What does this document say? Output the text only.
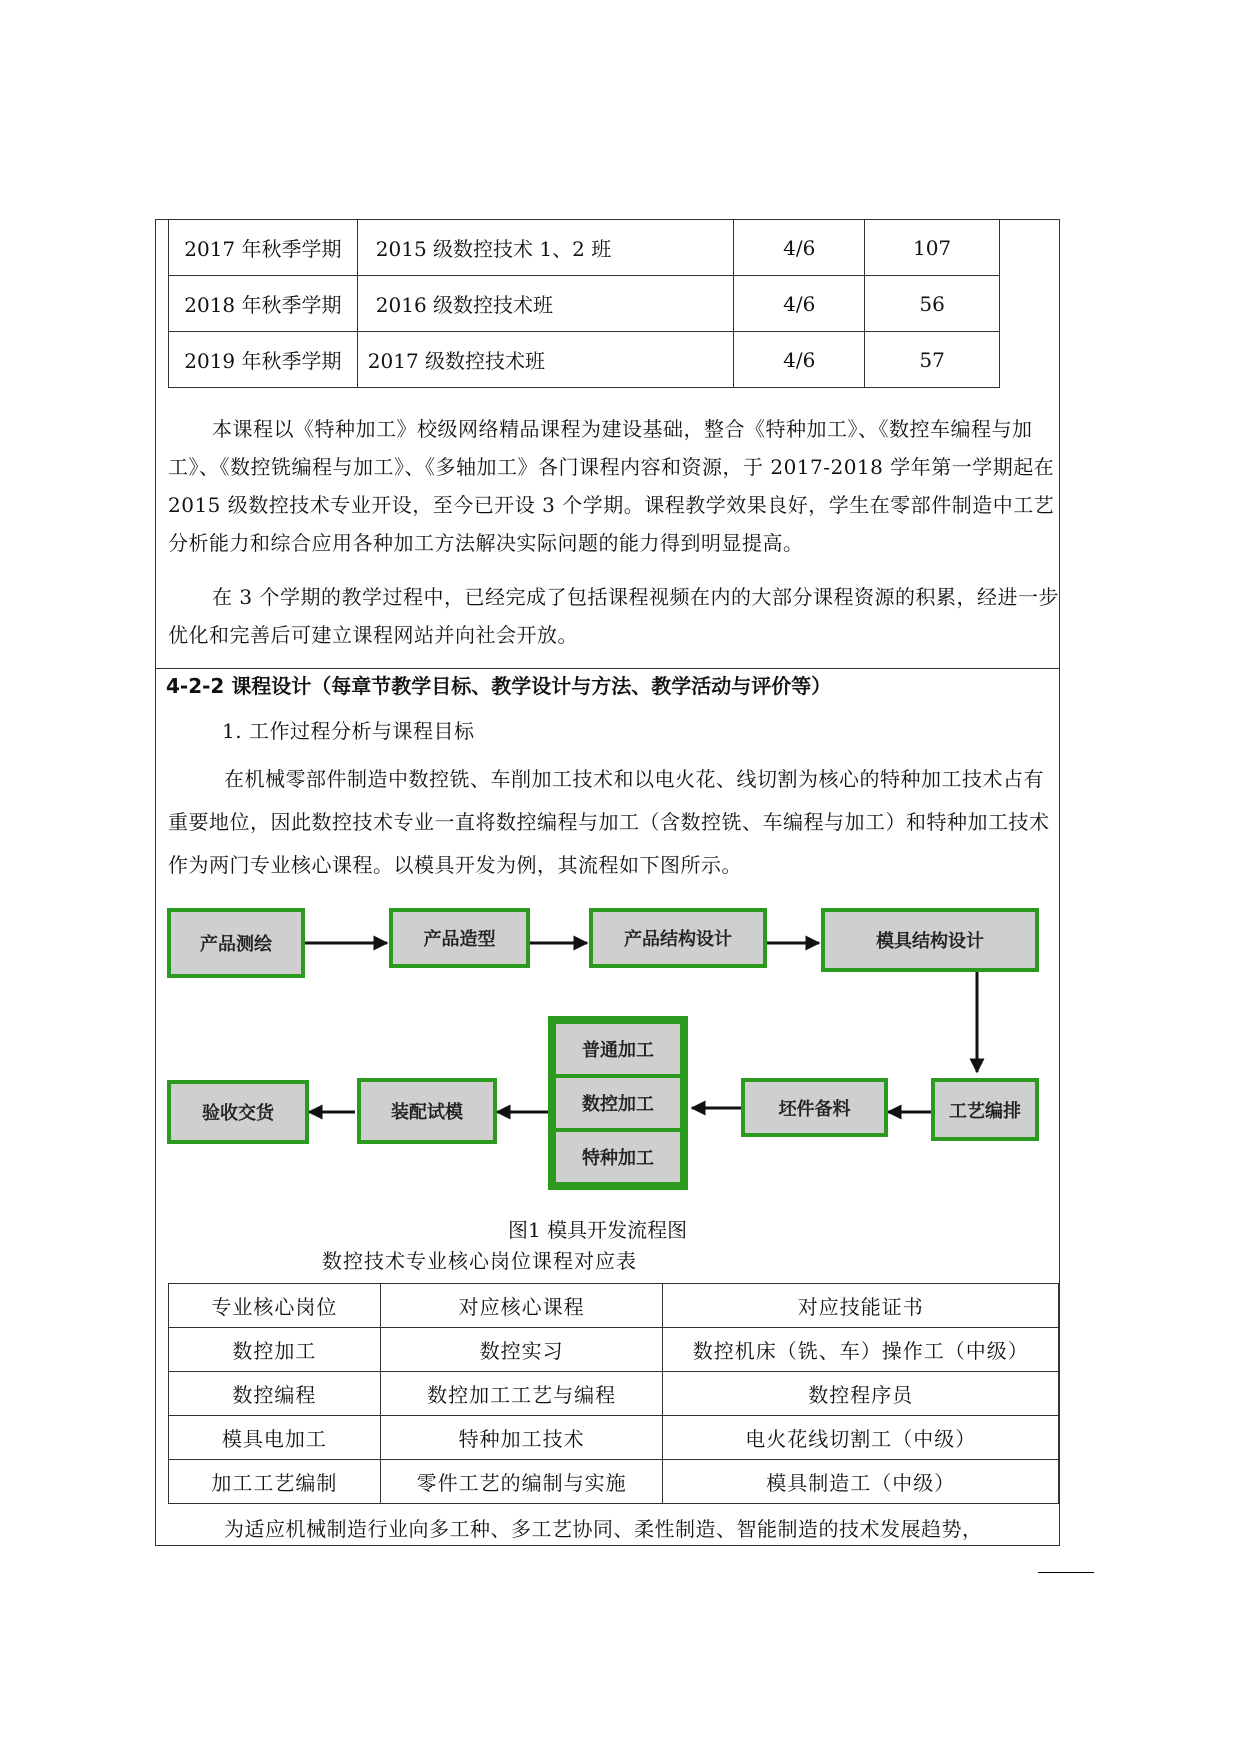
2017 年秋季学期	2015 级数控技术 1、2 班	4/6	107
2018 年秋季学期	2016 级数控技术班	4/6	56
2019 年秋季学期	2017 级数控技术班	4/6	57
本课程以《特种加工》校级网络精品课程为建设基础，整合《特种加工》、《数控车编程与加工》、《数控铣编程与加工》、《多轴加工》各门课程内容和资源，于 2017-2018 学年第一学期起在 2015 级数控技术专业开设，至今已开设 3 个学期。课程教学效果良好，学生在零部件制造中工艺分析能力和综合应用各种加工方法解决实际问题的能力得到明显提高。
在 3 个学期的教学过程中，已经完成了包括课程视频在内的大部分课程资源的积累，经进一步优化和完善后可建立课程网站并向社会开放。
4-2-2 课程设计（每章节教学目标、教学设计与方法、教学活动与评价等）
1. 工作过程分析与课程目标
在机械零部件制造中数控铣、车削加工技术和以电火花、线切割为核心的特种加工技术占有重要地位，因此数控技术专业一直将数控编程与加工（含数控铣、车编程与加工）和特种加工技术作为两门专业核心课程。以模具开发为例，其流程如下图所示。
产品测绘	产品造型	产品结构设计	模具结构设计
工艺编排
坯件备料
普通加工
数控加工
特种加工
装配试模
验收交货
图1 模具开发流程图
数控技术专业核心岗位课程对应表
专业核心岗位	对应核心课程	对应技能证书
数控加工	数控实习	数控机床（铣、车）操作工（中级）
数控编程	数控加工工艺与编程	数控程序员
模具电加工	特种加工技术	电火花线切割工（中级）
加工工艺编制	零件工艺的编制与实施	模具制造工（中级）
为适应机械制造行业向多工种、多工艺协同、柔性制造、智能制造的技术发展趋势，
